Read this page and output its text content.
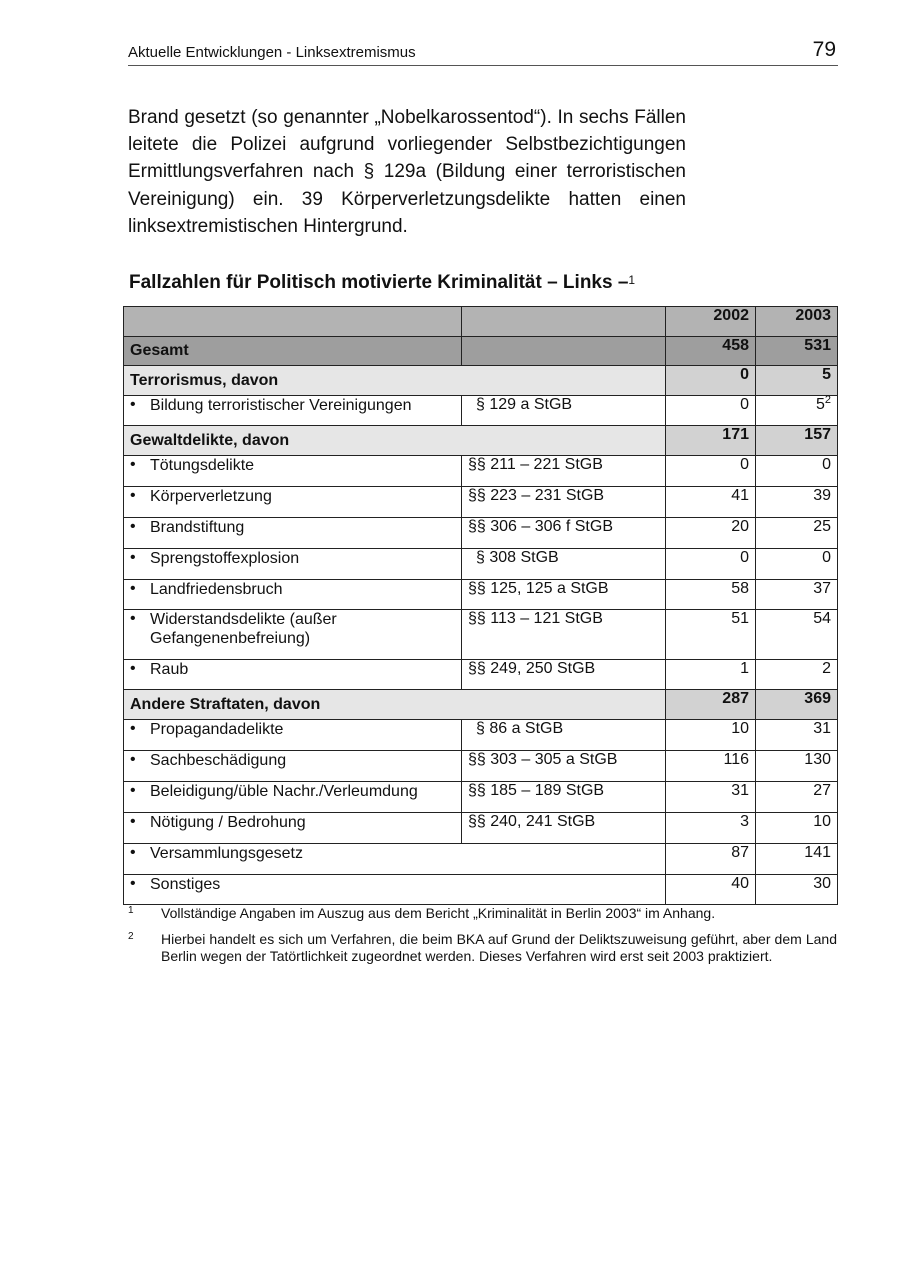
Aktuelle Entwicklungen - Linksextremismus	79

Brand gesetzt (so genannter „Nobelkarossentod“). In sechs Fällen leitete die Polizei aufgrund vorliegender Selbstbezichtigungen Ermittlungsverfahren nach § 129a (Bildung einer terroristischen Vereinigung) ein. 39 Körperverletzungsdelikte hatten einen linksextremistischen Hintergrund.

Fallzahlen für Politisch motivierte Kriminalität – Links –$^1$
		2002	2003
Gesamt		458	531
Terrorismus, davon		0	5

• Bildung terroristischer Vereinigungen	§ 129 a StGB	0	5$^2$
Gewaltdelikte, davon		171	157

• Tötungsdelikte	§§ 211 – 221 StGB	0	0

• Körperverletzung	§§ 223 – 231 StGB	41	39

• Brandstiftung	§§ 306 – 306 f StGB	20	25

• Sprengstoffexplosion	§ 308 StGB	0	0

• Landfriedensbruch	§§ 125, 125 a StGB	58	37

• Widerstandsdelikte (außer Gefangenenbefreiung)	§§ 113 – 121 StGB	51	54

• Raub	§§ 249, 250 StGB	1	2
Andere Straftaten, davon		287	369

• Propagandadelikte	§ 86 a StGB	10	31

• Sachbeschädigung	§§ 303 – 305 a StGB	116	130

• Beleidigung/üble Nachr./Verleumdung	§§ 185 – 189 StGB	31	27

• Nötigung / Bedrohung	§§ 240, 241 StGB	3	10

• Versammlungsgesetz		87	141

• Sonstiges		40	30
1	Vollständige Angaben im Auszug aus dem Bericht „Kriminalität in Berlin 2003“ im Anhang.
2	Hierbei handelt es sich um Verfahren, die beim BKA auf Grund der Deliktszuweisung geführt, aber dem Land Berlin wegen der Tatörtlichkeit zugeordnet werden. Dieses Verfahren wird erst seit 2003 praktiziert.
